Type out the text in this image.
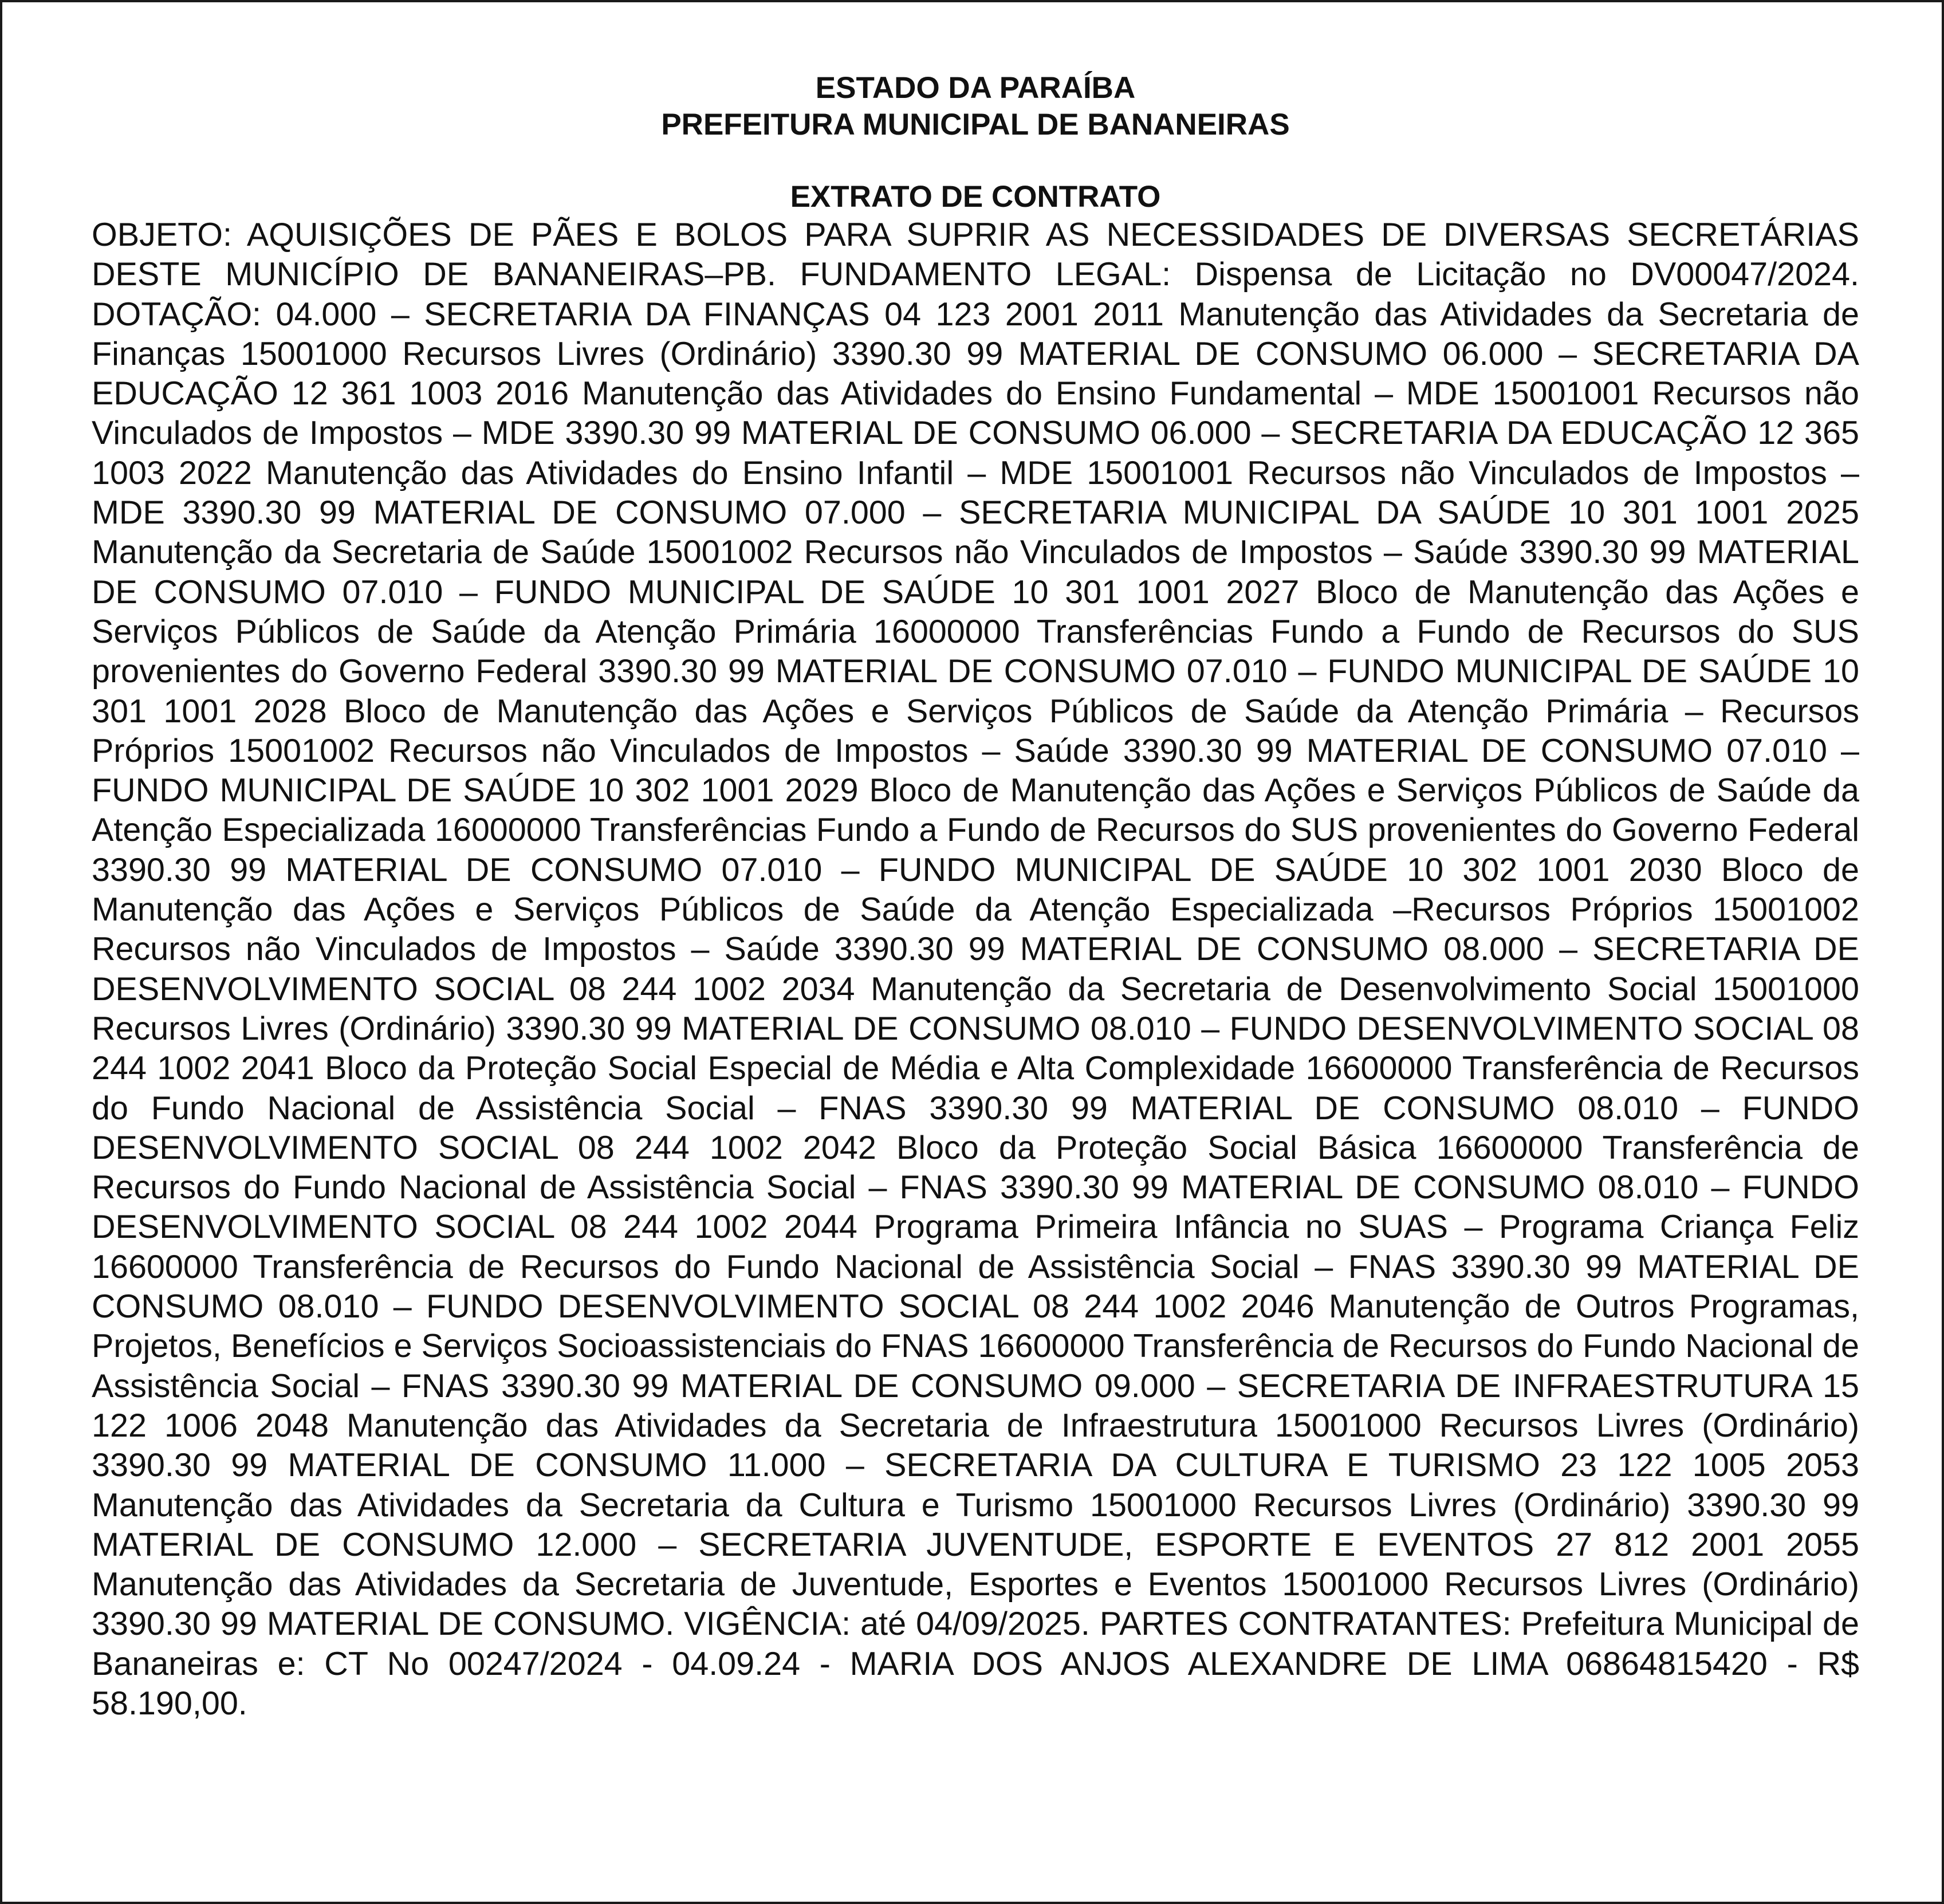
ESTADO DA PARAÍBA

PREFEITURA MUNICIPAL DE BANANEIRAS

EXTRATO DE CONTRATO

OBJETO: AQUISIÇÕES DE PÃES E BOLOS PARA SUPRIR AS NECESSIDADES DE DIVERSAS SECRETÁRIAS DESTE MUNICÍPIO DE BANANEIRAS–PB. FUNDAMENTO LEGAL: Dispensa de Licitação no DV00047/2024. DOTAÇÃO: 04.000 – SECRETARIA DA FINANÇAS 04 123 2001 2011 Manutenção das Atividades da Secretaria de Finanças 15001000 Recursos Livres (Ordinário) 3390.30 99 MATERIAL DE CONSUMO 06.000 – SECRETARIA DA EDUCAÇÃO 12 361 1003 2016 Manutenção das Atividades do Ensino Fundamental – MDE 15001001 Recursos não Vinculados de Impostos – MDE 3390.30 99 MATERIAL DE CONSUMO 06.000 – SECRETARIA DA EDUCAÇÃO 12 365 1003 2022 Manutenção das Atividades do Ensino Infantil – MDE 15001001 Recursos não Vinculados de Impostos – MDE 3390.30 99 MATERIAL DE CONSUMO 07.000 – SECRETARIA MUNICIPAL DA SAÚDE 10 301 1001 2025 Manutenção da Secretaria de Saúde 15001002 Recursos não Vinculados de Impostos – Saúde 3390.30 99 MATERIAL DE CONSUMO 07.010 – FUNDO MUNICIPAL DE SAÚDE 10 301 1001 2027 Bloco de Manutenção das Ações e Serviços Públicos de Saúde da Atenção Primária 16000000 Transferências Fundo a Fundo de Recursos do SUS provenientes do Governo Federal 3390.30 99 MATERIAL DE CONSUMO 07.010 – FUNDO MUNICIPAL DE SAÚDE 10 301 1001 2028 Bloco de Manutenção das Ações e Serviços Públicos de Saúde da Atenção Primária – Recursos Próprios 15001002 Recursos não Vinculados de Impostos – Saúde 3390.30 99 MATERIAL DE CONSUMO 07.010 – FUNDO MUNICIPAL DE SAÚDE 10 302 1001 2029 Bloco de Manutenção das Ações e Serviços Públicos de Saúde da Atenção Especializada 16000000 Transferências Fundo a Fundo de Recursos do SUS provenientes do Governo Federal 3390.30 99 MATERIAL DE CONSUMO 07.010 – FUNDO MUNICIPAL DE SAÚDE 10 302 1001 2030 Bloco de Manutenção das Ações e Serviços Públicos de Saúde da Atenção Especializada –Recursos Próprios 15001002 Recursos não Vinculados de Impostos – Saúde 3390.30 99 MATERIAL DE CONSUMO 08.000 – SECRETARIA DE DESENVOLVIMENTO SOCIAL 08 244 1002 2034 Manutenção da Secretaria de Desenvolvimento Social 15001000 Recursos Livres (Ordinário) 3390.30 99 MATERIAL DE CONSUMO 08.010 – FUNDO DESENVOLVIMENTO SOCIAL 08 244 1002 2041 Bloco da Proteção Social Especial de Média e Alta Complexidade 16600000 Transferência de Recursos do Fundo Nacional de Assistência Social – FNAS 3390.30 99 MATERIAL DE CONSUMO 08.010 – FUNDO DESENVOLVIMENTO SOCIAL 08 244 1002 2042 Bloco da Proteção Social Básica 16600000 Transferência de Recursos do Fundo Nacional de Assistência Social – FNAS 3390.30 99 MATERIAL DE CONSUMO 08.010 – FUNDO DESENVOLVIMENTO SOCIAL 08 244 1002 2044 Programa Primeira Infância no SUAS – Programa Criança Feliz 16600000 Transferência de Recursos do Fundo Nacional de Assistência Social – FNAS 3390.30 99 MATERIAL DE CONSUMO 08.010 – FUNDO DESENVOLVIMENTO SOCIAL 08 244 1002 2046 Manutenção de Outros Programas, Projetos, Benefícios e Serviços Socioassistenciais do FNAS 16600000 Transferência de Recursos do Fundo Nacional de Assistência Social – FNAS 3390.30 99 MATERIAL DE CONSUMO 09.000 – SECRETARIA DE INFRAESTRUTURA 15 122 1006 2048 Manutenção das Atividades da Secretaria de Infraestrutura 15001000 Recursos Livres (Ordinário) 3390.30 99 MATERIAL DE CONSUMO 11.000 – SECRETARIA DA CULTURA E TURISMO 23 122 1005 2053 Manutenção das Atividades da Secretaria da Cultura e Turismo 15001000 Recursos Livres (Ordinário) 3390.30 99 MATERIAL DE CONSUMO 12.000 – SECRETARIA JUVENTUDE, ESPORTE E EVENTOS 27 812 2001 2055 Manutenção das Atividades da Secretaria de Juventude, Esportes e Eventos 15001000 Recursos Livres (Ordinário) 3390.30 99 MATERIAL DE CONSUMO. VIGÊNCIA: até 04/09/2025. PARTES CONTRATANTES: Prefeitura Municipal de Bananeiras e: CT No 00247/2024 - 04.09.24 - MARIA DOS ANJOS ALEXANDRE DE LIMA 06864815420 - R$ 58.190,00.
